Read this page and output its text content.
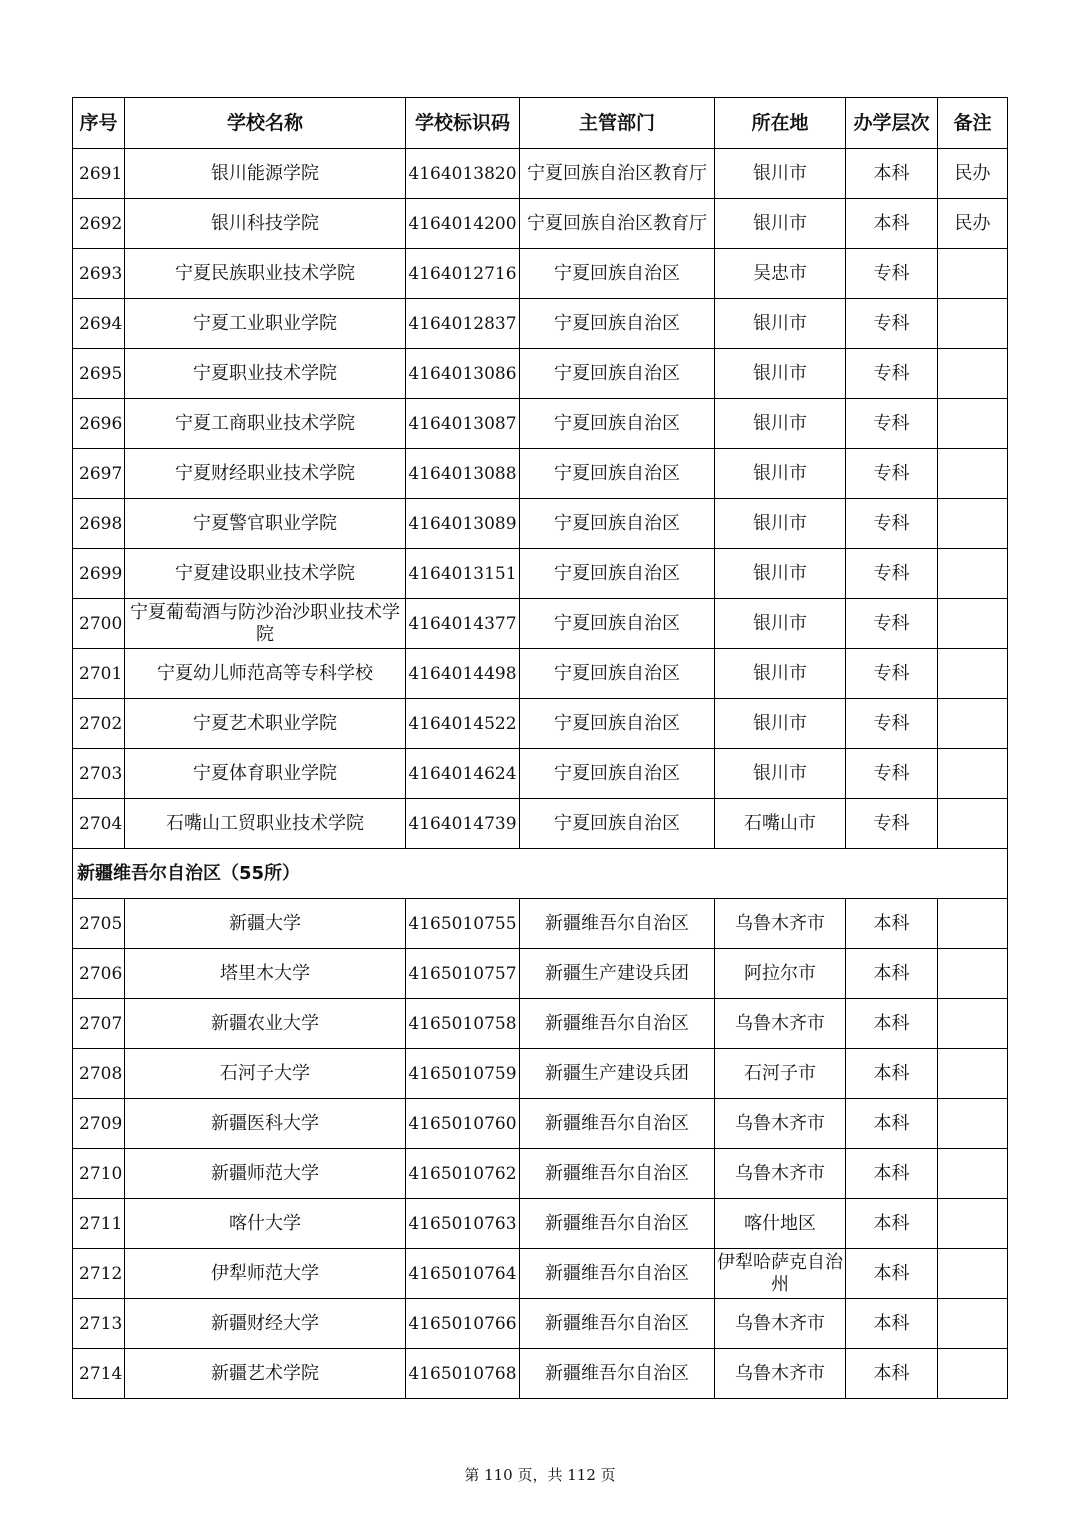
序号	学校名称	学校标识码	主管部门	所在地	办学层次	备注
2691	银川能源学院	4164013820	宁夏回族自治区教育厅	银川市	本科	民办
2692	银川科技学院	4164014200	宁夏回族自治区教育厅	银川市	本科	民办
2693	宁夏民族职业技术学院	4164012716	宁夏回族自治区	吴忠市	专科	
2694	宁夏工业职业学院	4164012837	宁夏回族自治区	银川市	专科	
2695	宁夏职业技术学院	4164013086	宁夏回族自治区	银川市	专科	
2696	宁夏工商职业技术学院	4164013087	宁夏回族自治区	银川市	专科	
2697	宁夏财经职业技术学院	4164013088	宁夏回族自治区	银川市	专科	
2698	宁夏警官职业学院	4164013089	宁夏回族自治区	银川市	专科	
2699	宁夏建设职业技术学院	4164013151	宁夏回族自治区	银川市	专科	
2700	宁夏葡萄酒与防沙治沙职业技术学院	4164014377	宁夏回族自治区	银川市	专科	
2701	宁夏幼儿师范高等专科学校	4164014498	宁夏回族自治区	银川市	专科	
2702	宁夏艺术职业学院	4164014522	宁夏回族自治区	银川市	专科	
2703	宁夏体育职业学院	4164014624	宁夏回族自治区	银川市	专科	
2704	石嘴山工贸职业技术学院	4164014739	宁夏回族自治区	石嘴山市	专科	
新疆维吾尔自治区（55所）						
2705	新疆大学	4165010755	新疆维吾尔自治区	乌鲁木齐市	本科	
2706	塔里木大学	4165010757	新疆生产建设兵团	阿拉尔市	本科	
2707	新疆农业大学	4165010758	新疆维吾尔自治区	乌鲁木齐市	本科	
2708	石河子大学	4165010759	新疆生产建设兵团	石河子市	本科	
2709	新疆医科大学	4165010760	新疆维吾尔自治区	乌鲁木齐市	本科	
2710	新疆师范大学	4165010762	新疆维吾尔自治区	乌鲁木齐市	本科	
2711	喀什大学	4165010763	新疆维吾尔自治区	喀什地区	本科	
2712	伊犁师范大学	4165010764	新疆维吾尔自治区	伊犁哈萨克自治州	本科	
2713	新疆财经大学	4165010766	新疆维吾尔自治区	乌鲁木齐市	本科	
2714	新疆艺术学院	4165010768	新疆维吾尔自治区	乌鲁木齐市	本科	
第 110 页，共 112 页
